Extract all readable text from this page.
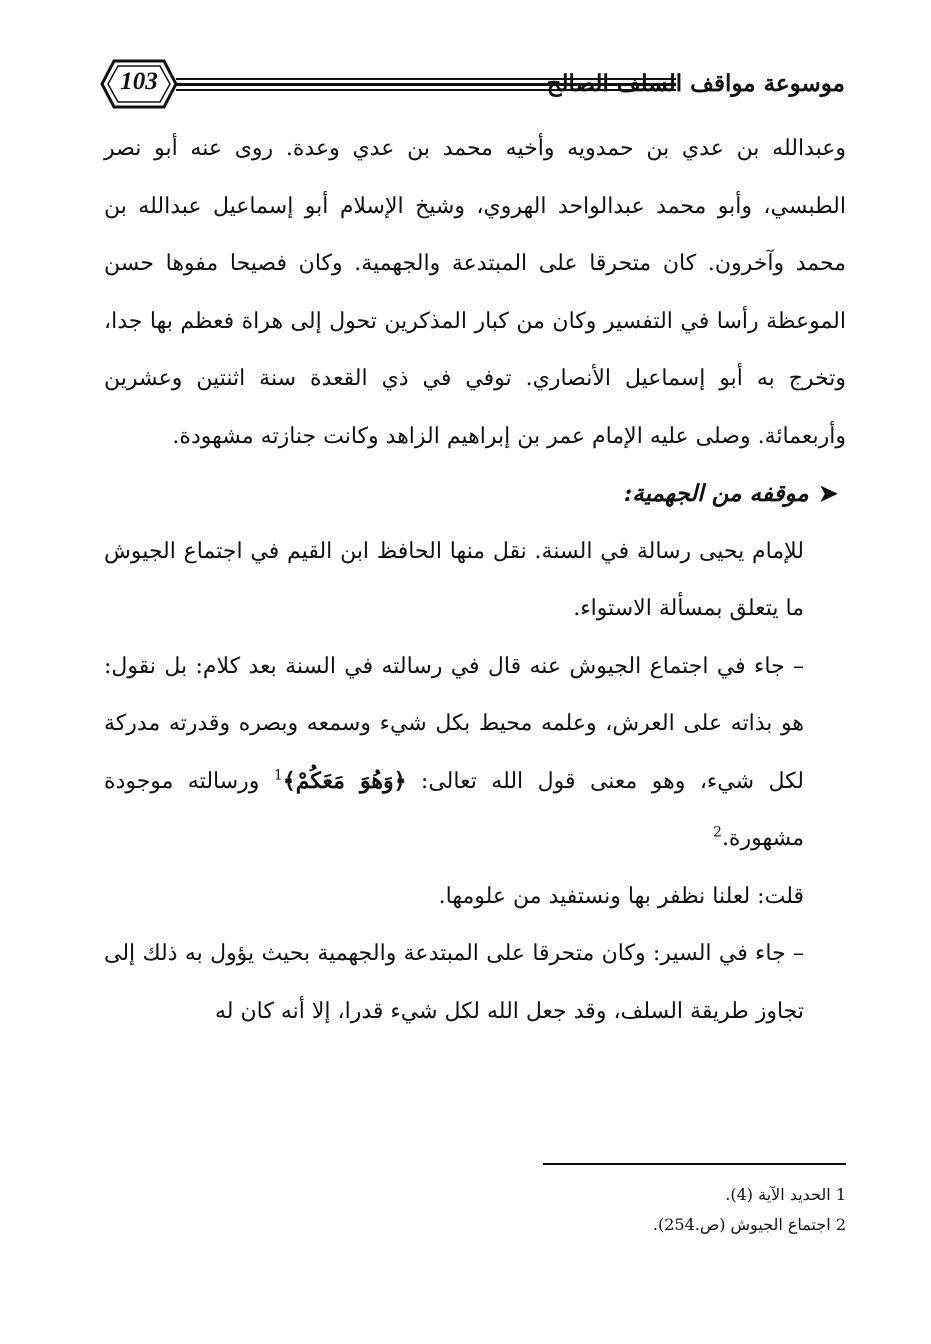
103	موسوعة مواقف السلف الصالح

وعبدالله بن عدي بن حمدويه وأخيه محمد بن عدي وعدة. روى عنه أبو نصر الطبسي، وأبو محمد عبدالواحد الهروي، وشيخ الإسلام أبو إسماعيل عبدالله بن محمد وآخرون. كان متحرقا على المبتدعة والجهمية. وكان فصيحا مفوها حسن الموعظة رأسا في التفسير وكان من كبار المذكرين تحول إلى هراة فعظم بها جدا، وتخرج به أبو إسماعيل الأنصاري. توفي في ذي القعدة سنة اثنتين وعشرين وأربعمائة. وصلى عليه الإمام عمر بن إبراهيم الزاهد وكانت جنازته مشهودة.

➤موقفه من الجهمية:

للإمام يحيى رسالة في السنة. نقل منها الحافظ ابن القيم في اجتماع الجيوش ما يتعلق بمسألة الاستواء.

– جاء في اجتماع الجيوش عنه قال في رسالته في السنة بعد كلام: بل نقول: هو بذاته على العرش، وعلمه محيط بكل شيء وسمعه وبصره وقدرته مدركة لكل شيء، وهو معنى قول الله تعالى: ﴿وَهُوَ مَعَكُمْ﴾$^1$ ورسالته موجودة مشهورة.$^2$

قلت: لعلنا نظفر بها ونستفيد من علومها.

– جاء في السير: وكان متحرقا على المبتدعة والجهمية بحيث يؤول به ذلك إلى تجاوز طريقة السلف، وقد جعل الله لكل شيء قدرا، إلا أنه كان له

1 الحديد الآية (4).

2 اجتماع الجيوش (ص.254).
